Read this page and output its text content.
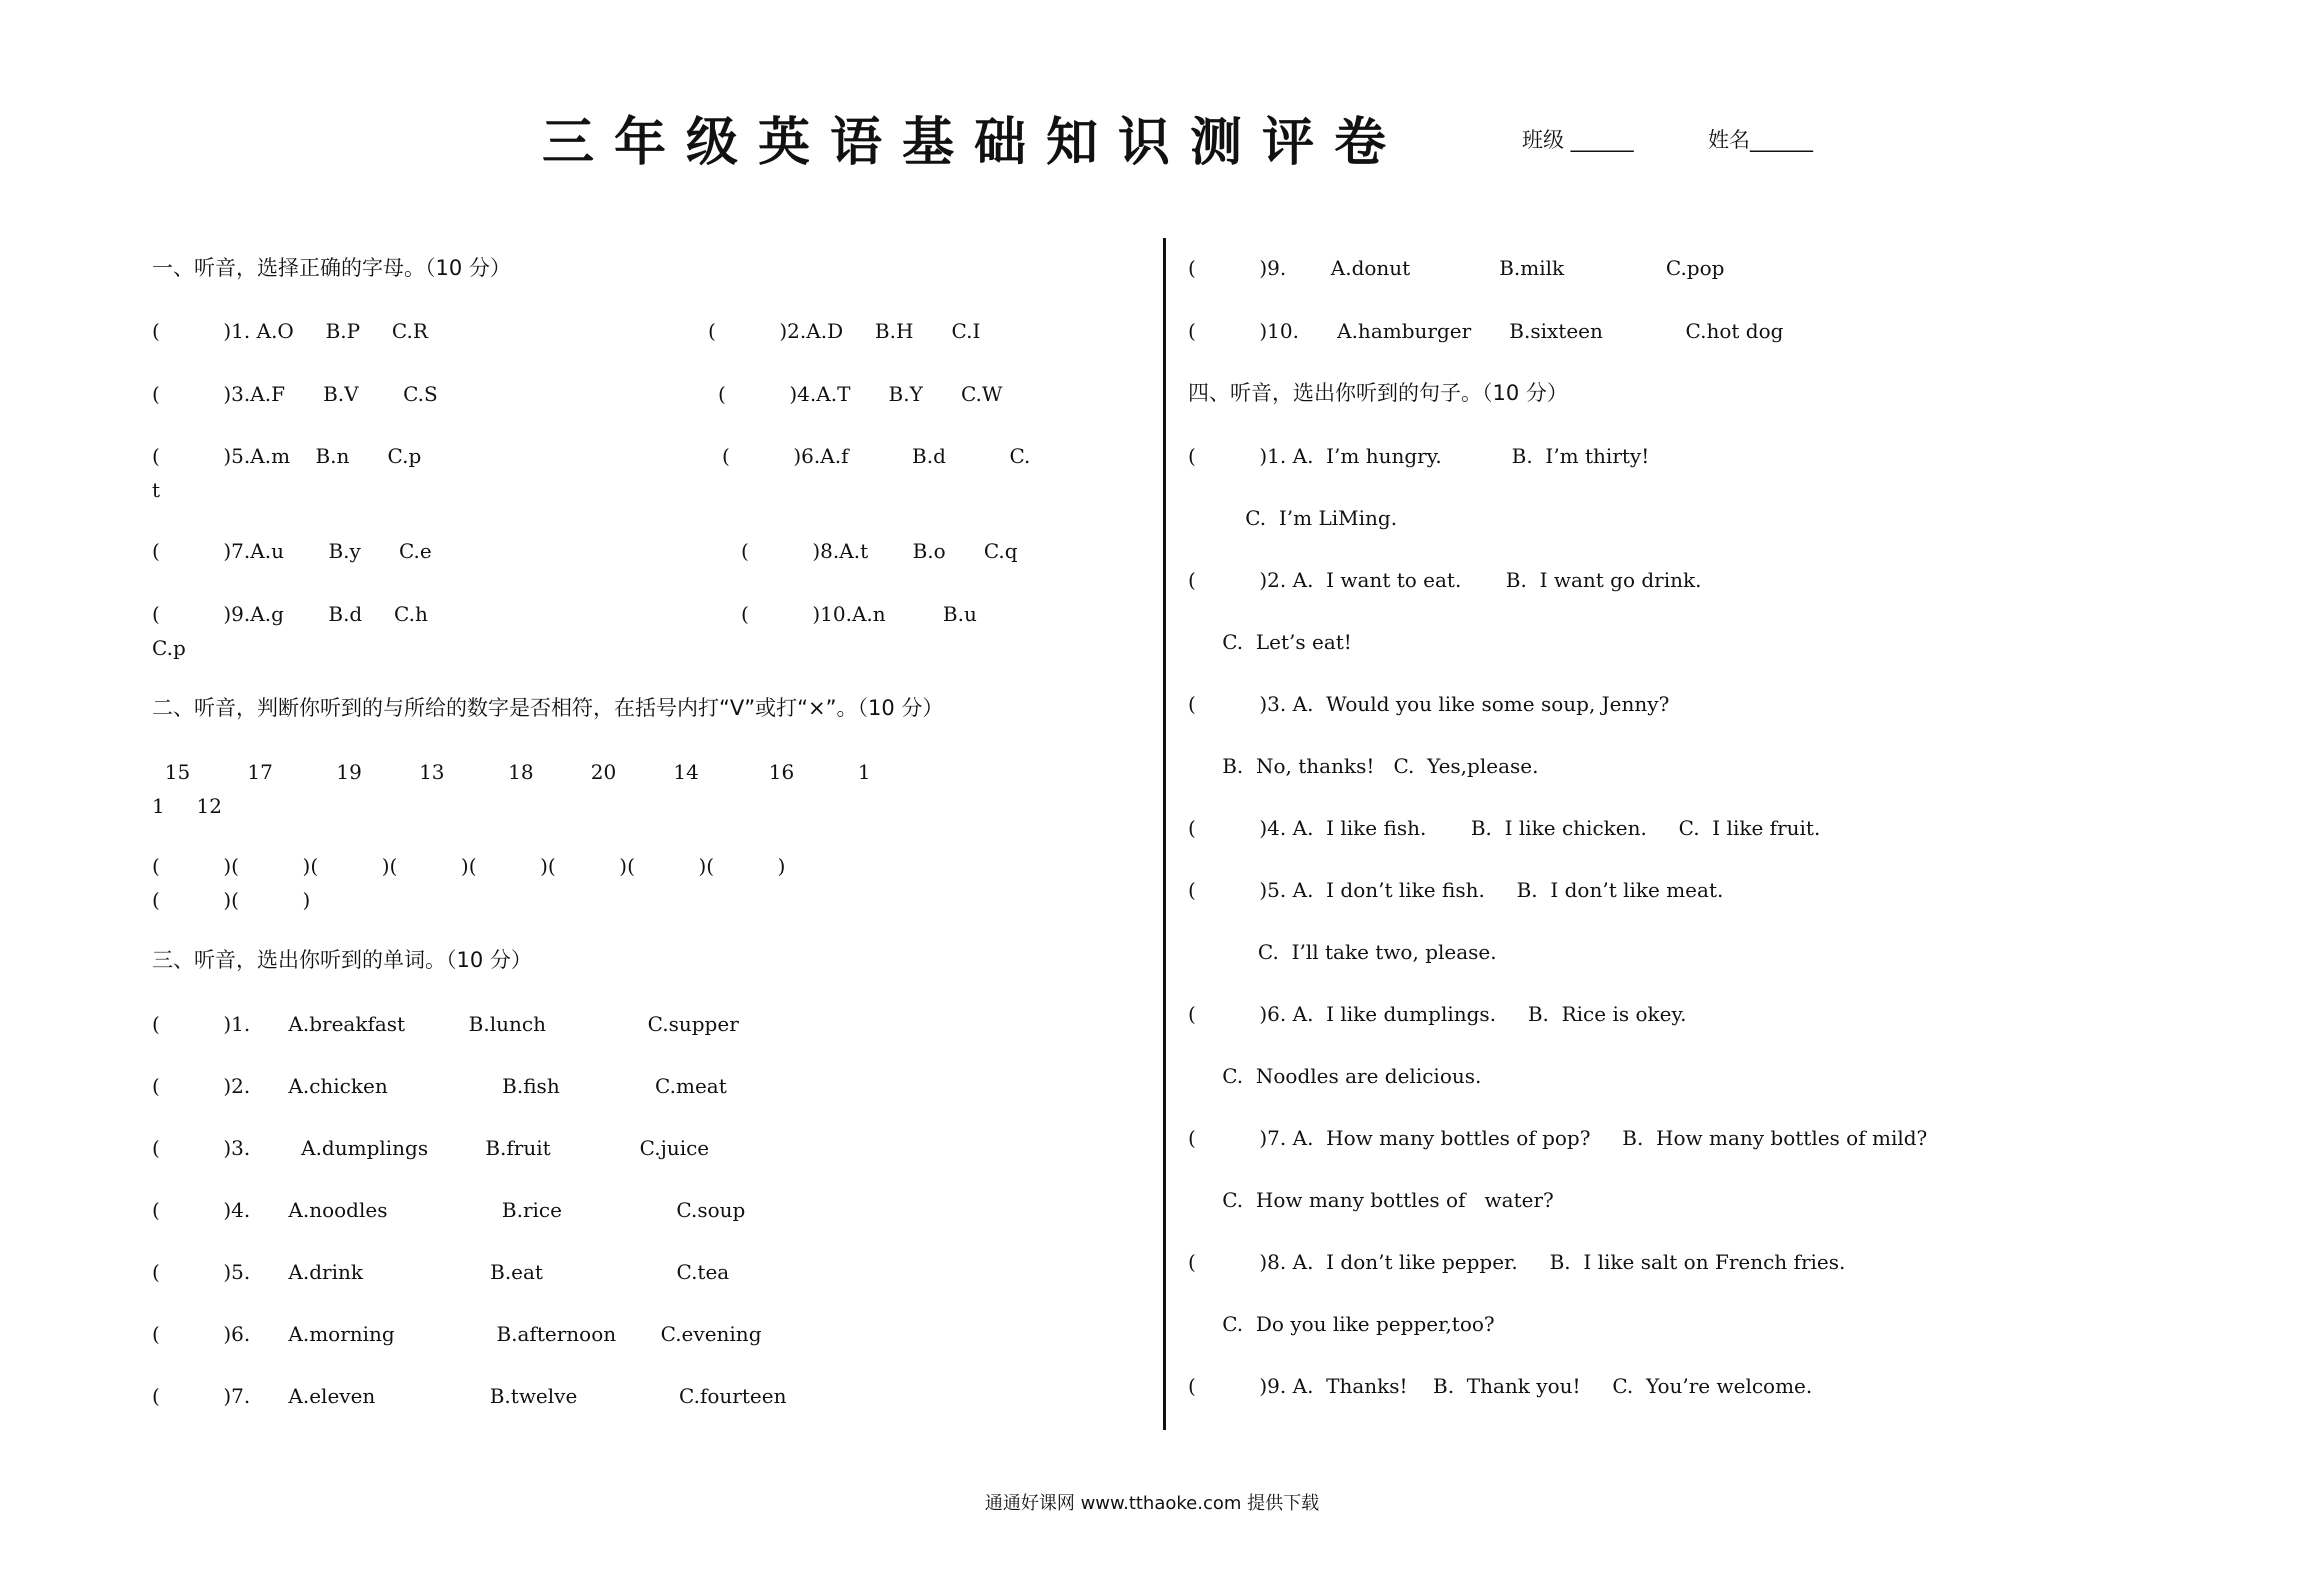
三年级英语基础知识测评卷	班级 ______	姓名______
一、听音，选择正确的字母。（10 分）
(          )1. A.O     B.P     C.R	(          )2.A.D     B.H      C.I
(          )3.A.F      B.V       C.S	(          )4.A.T      B.Y      C.W
(          )5.A.m    B.n      C.p	(          )6.A.f          B.d          C.
t
(          )7.A.u       B.y      C.e	(          )8.A.t       B.o      C.q
(          )9.A.g       B.d     C.h	(          )10.A.n         B.u
C.p
二、听音，判断你听到的与所给的数字是否相符，在括号内打“V”或打“×”。（10 分）
15         17          19         13          18         20         14           16          1
1     12
(          )(          )(          )(          )(          )(          )(          )(          )
(          )(          )
三、听音，选出你听到的单词。（10 分）
(          )1.      A.breakfast          B.lunch                C.supper
(          )2.      A.chicken                  B.fish               C.meat
(          )3.        A.dumplings         B.fruit              C.juice
(          )4.      A.noodles                  B.rice                  C.soup
(          )5.      A.drink                    B.eat                     C.tea
(          )6.      A.morning                B.afternoon       C.evening
(          )7.      A.eleven                  B.twelve                C.fourteen
(          )9.       A.donut              B.milk                C.pop
(          )10.      A.hamburger      B.sixteen             C.hot dog
四、听音，选出你听到的句子。（10 分）
(          )1. A.  I’m hungry.           B.  I’m thirty!
C.  I’m LiMing.
(          )2. A.  I want to eat.       B.  I want go drink.
C.  Let’s eat!
(          )3. A.  Would you like some soup, Jenny?
B.  No, thanks!   C.  Yes,please.
(          )4. A.  I like fish.       B.  I like chicken.     C.  I like fruit.
(          )5. A.  I don’t like fish.     B.  I don’t like meat.
C.  I’ll take two, please.
(          )6. A.  I like dumplings.     B.  Rice is okey.
C.  Noodles are delicious.
(          )7. A.  How many bottles of pop?     B.  How many bottles of mild?
C.  How many bottles of   water?
(          )8. A.  I don’t like pepper.     B.  I like salt on French fries.
C.  Do you like pepper,too?
(          )9. A.  Thanks!    B.  Thank you!     C.  You’re welcome.
通通好课网 www.tthaoke.com 提供下载
